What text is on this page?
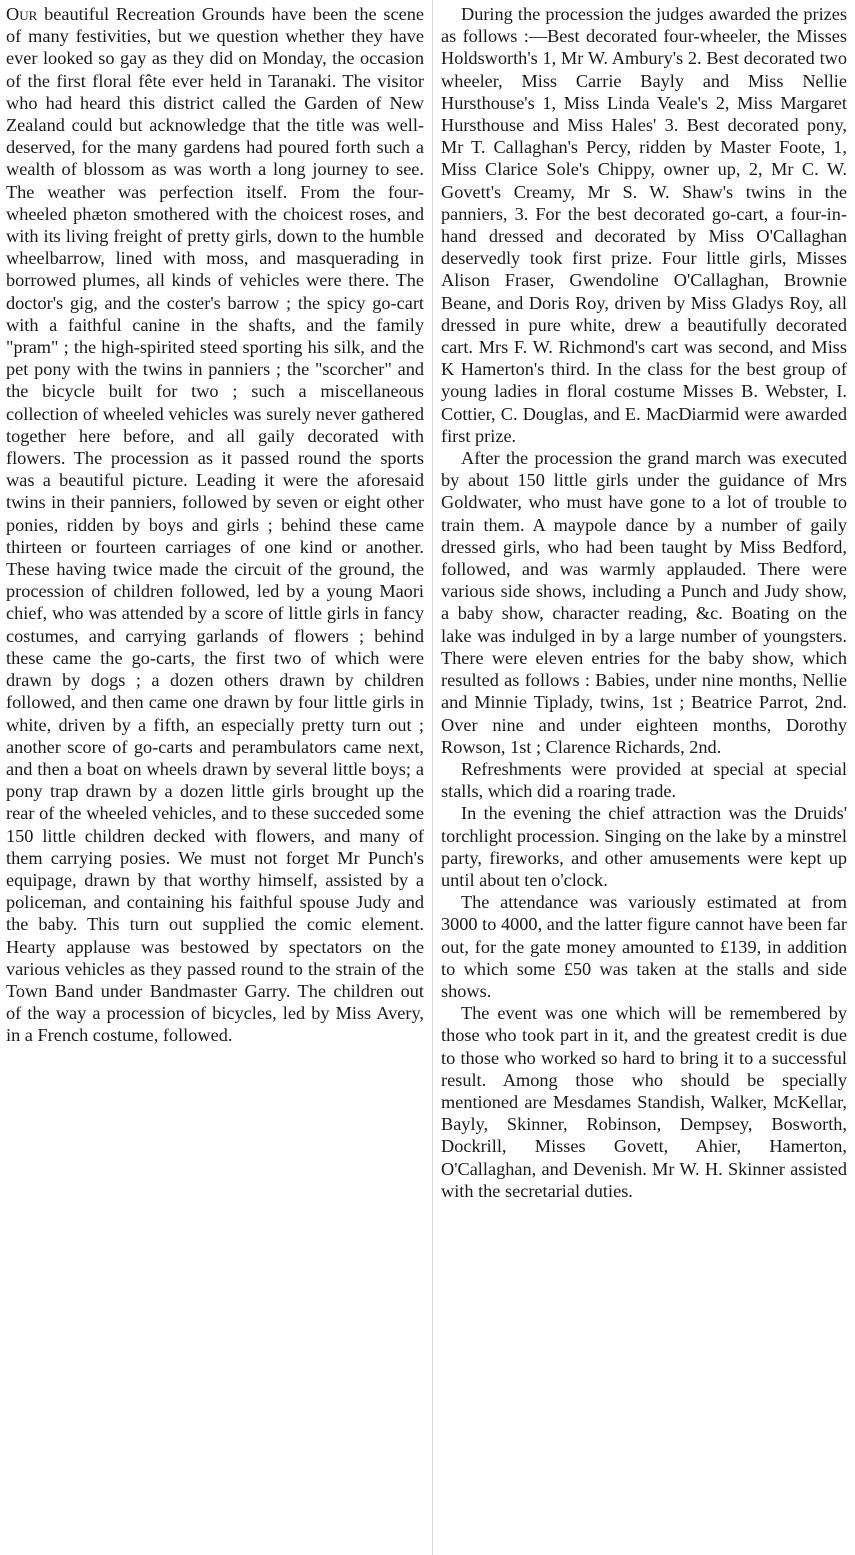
Our beautiful Recreation Grounds have been the scene of many festivities, but we question whether they have ever looked so gay as they did on Monday, the occasion of the first floral fête ever held in Taranaki. The visitor who had heard this district called the Garden of New Zealand could but acknowledge that the title was well-deserved, for the many gardens had poured forth such a wealth of blossom as was worth a long journey to see. The weather was perfection itself. From the four-wheeled phæton smothered with the choicest roses, and with its living freight of pretty girls, down to the humble wheelbarrow, lined with moss, and masquerading in borrowed plumes, all kinds of vehicles were there. The doctor's gig, and the coster's barrow ; the spicy go-cart with a faithful canine in the shafts, and the family "pram" ; the high-spirited steed sporting his silk, and the pet pony with the twins in panniers ; the "scorcher" and the bicycle built for two ; such a miscellaneous collection of wheeled vehicles was surely never gathered together here before, and all gaily decorated with flowers. The procession as it passed round the sports was a beautiful picture. Leading it were the aforesaid twins in their panniers, followed by seven or eight other ponies, ridden by boys and girls ; behind these came thirteen or fourteen carriages of one kind or another. These having twice made the circuit of the ground, the procession of children followed, led by a young Maori chief, who was attended by a score of little girls in fancy costumes, and carrying garlands of flowers ; behind these came the go-carts, the first two of which were drawn by dogs ; a dozen others drawn by children followed, and then came one drawn by four little girls in white, driven by a fifth, an especially pretty turn out ; another score of go-carts and perambulators came next, and then a boat on wheels drawn by several little boys; a pony trap drawn by a dozen little girls brought up the rear of the wheeled vehicles, and to these succeded some 150 little children decked with flowers, and many of them carrying posies. We must not forget Mr Punch's equipage, drawn by that worthy himself, assisted by a policeman, and containing his faithful spouse Judy and the baby. This turn out supplied the comic element. Hearty applause was bestowed by spectators on the various vehicles as they passed round to the strain of the Town Band under Bandmaster Garry. The children out of the way a procession of bicycles, led by Miss Avery, in a French costume, followed.

During the procession the judges awarded the prizes as follows :—Best decorated four-wheeler, the Misses Holdsworth's 1, Mr W. Ambury's 2. Best decorated two wheeler, Miss Carrie Bayly and Miss Nellie Hursthouse's 1, Miss Linda Veale's 2, Miss Margaret Hursthouse and Miss Hales' 3. Best decorated pony, Mr T. Callaghan's Percy, ridden by Master Foote, 1, Miss Clarice Sole's Chippy, owner up, 2, Mr C. W. Govett's Creamy, Mr S. W. Shaw's twins in the panniers, 3. For the best decorated go-cart, a four-in-hand dressed and decorated by Miss O'Callaghan deservedly took first prize. Four little girls, Misses Alison Fraser, Gwendoline O'Callaghan, Brownie Beane, and Doris Roy, driven by Miss Gladys Roy, all dressed in pure white, drew a beautifully decorated cart. Mrs F. W. Richmond's cart was second, and Miss K Hamerton's third. In the class for the best group of young ladies in floral costume Misses B. Webster, I. Cottier, C. Douglas, and E. MacDiarmid were awarded first prize.

After the procession the grand march was executed by about 150 little girls under the guidance of Mrs Goldwater, who must have gone to a lot of trouble to train them. A maypole dance by a number of gaily dressed girls, who had been taught by Miss Bedford, followed, and was warmly applauded. There were various side shows, including a Punch and Judy show, a baby show, character reading, &c. Boating on the lake was indulged in by a large number of youngsters. There were eleven entries for the baby show, which resulted as follows : Babies, under nine months, Nellie and Minnie Tiplady, twins, 1st ; Beatrice Parrot, 2nd. Over nine and under eighteen months, Dorothy Rowson, 1st ; Clarence Richards, 2nd.

Refreshments were provided at special at special stalls, which did a roaring trade.

In the evening the chief attraction was the Druids' torchlight procession. Singing on the lake by a minstrel party, fireworks, and other amusements were kept up until about ten o'clock.

The attendance was variously estimated at from 3000 to 4000, and the latter figure cannot have been far out, for the gate money amounted to £139, in addition to which some £50 was taken at the stalls and side shows.

The event was one which will be remembered by those who took part in it, and the greatest credit is due to those who worked so hard to bring it to a successful result. Among those who should be specially mentioned are Mesdames Standish, Walker, McKellar, Bayly, Skinner, Robinson, Dempsey, Bosworth, Dockrill, Misses Govett, Ahier, Hamerton, O'Callaghan, and Devenish. Mr W. H. Skinner assisted with the secretarial duties.
